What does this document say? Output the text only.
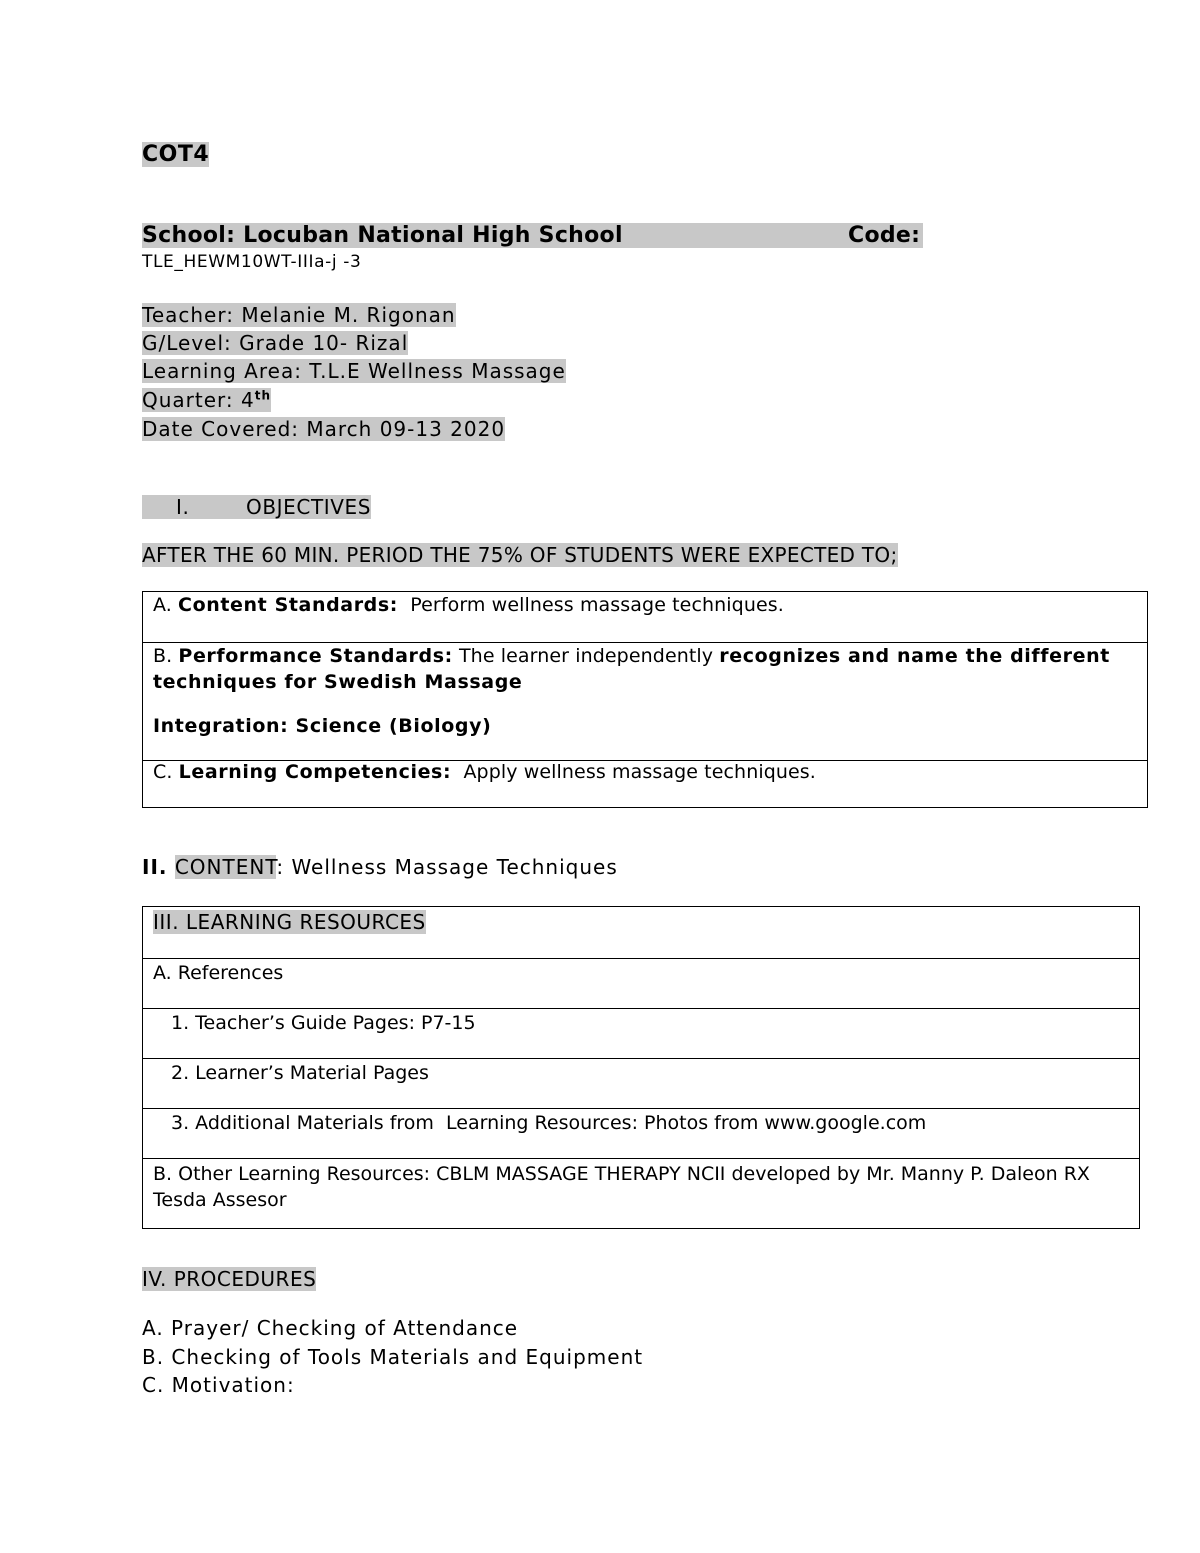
COT4
School: Locuban National High School	Code:
TLE_HEWM10WT-IIIa-j -3
Teacher: Melanie M. Rigonan
G/Level: Grade 10- Rizal
Learning Area: T.L.E Wellness Massage
Quarter: 4th
Date Covered: March 09-13 2020
I.	OBJECTIVES
AFTER THE 60 MIN. PERIOD THE 75% OF STUDENTS WERE EXPECTED TO;
A. Content Standards:  Perform wellness massage techniques.

B. Performance Standards: The learner independently recognizes and name the different
techniques for Swedish Massage
Integration: Science (Biology)

C. Learning Competencies:  Apply wellness massage techniques.
II. CONTENT: Wellness Massage Techniques
III. LEARNING RESOURCES
A. References
1. Teacher’s Guide Pages: P7-15
2. Learner’s Material Pages
3. Additional Materials from  Learning Resources: Photos from www.google.com

B. Other Learning Resources: CBLM MASSAGE THERAPY NCII developed by Mr. Manny P. Daleon RX
Tesda Assesor
IV. PROCEDURES
A. Prayer/ Checking of Attendance
B. Checking of Tools Materials and Equipment
C. Motivation:
